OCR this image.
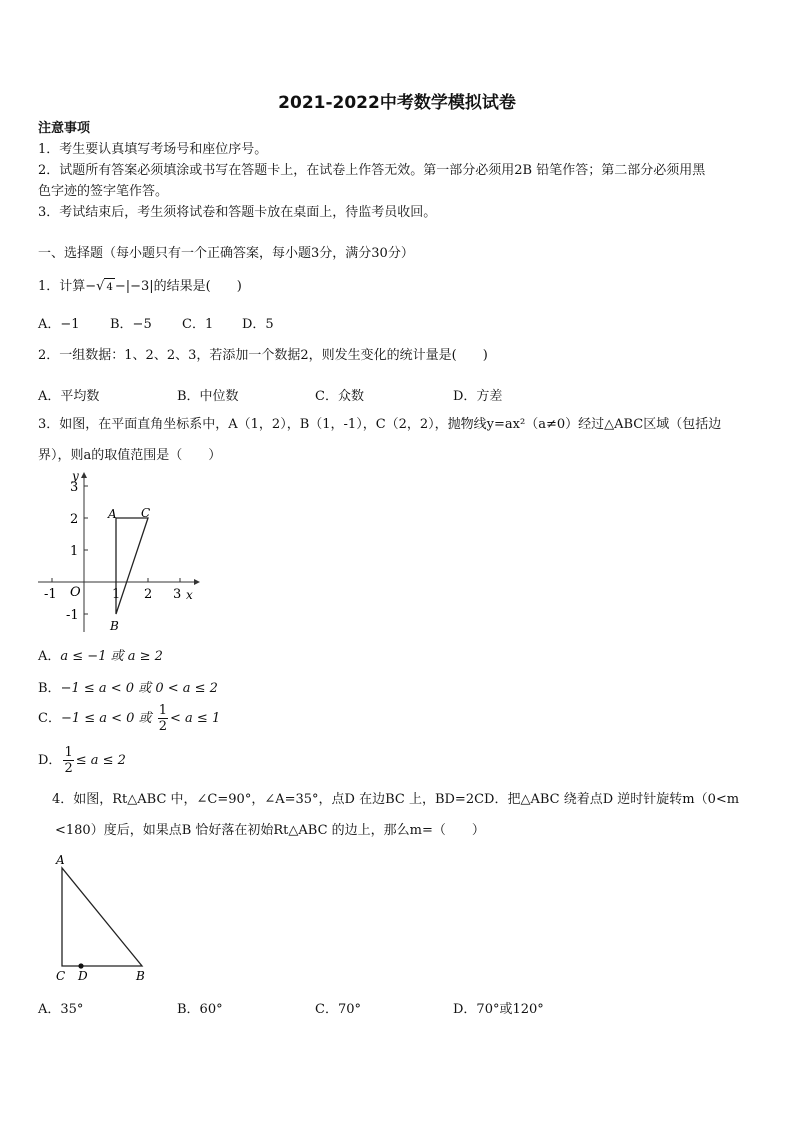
2021-2022中考数学模拟试卷
注意事项
1．考生要认真填写考场号和座位序号。
2．试题所有答案必须填涂或书写在答题卡上，在试卷上作答无效。第一部分必须用2B 铅笔作答；第二部分必须用黑
色字迹的签字笔作答。
3．考试结束后，考生须将试卷和答题卡放在桌面上，待监考员收回。
一、选择题（每小题只有一个正确答案，每小题3分，满分30分）
1．计算−√ 4 −|−3|的结果是(　　)
A．−1 B．−5 C．1 D．5
2．一组数据：1、2、2、3，若添加一个数据2，则发生变化的统计量是(　　)
A．平均数	B．中位数	C．众数	D．方差
3．如图，在平面直角坐标系中，A（1，2），B（1，-1），C（2，2），抛物线y=ax²（a≠0）经过△ABC区域（包括边
界），则a的取值范围是（　　）
-1	1 2 3
3
2
1
-1
O	x
y
A
B
C
A．a ≤ −1 或 a ≥ 2
B．−1 ≤ a < 0 或 0 < a ≤ 2
C．−1 ≤ a < 0 或 $\frac{1}{2} < a \le 1$
D． $\frac{1}{2} \le a \le 2$
4．如图，Rt△ABC 中，∠C=90°，∠A=35°，点D 在边BC 上，BD=2CD．把△ABC 绕着点D 逆时针旋转m（0<m
<180）度后，如果点B 恰好落在初始Rt△ABC 的边上，那么m=（　　）
A
C D	B
A．35°	B．60°	C．70°	D．70°或120°
